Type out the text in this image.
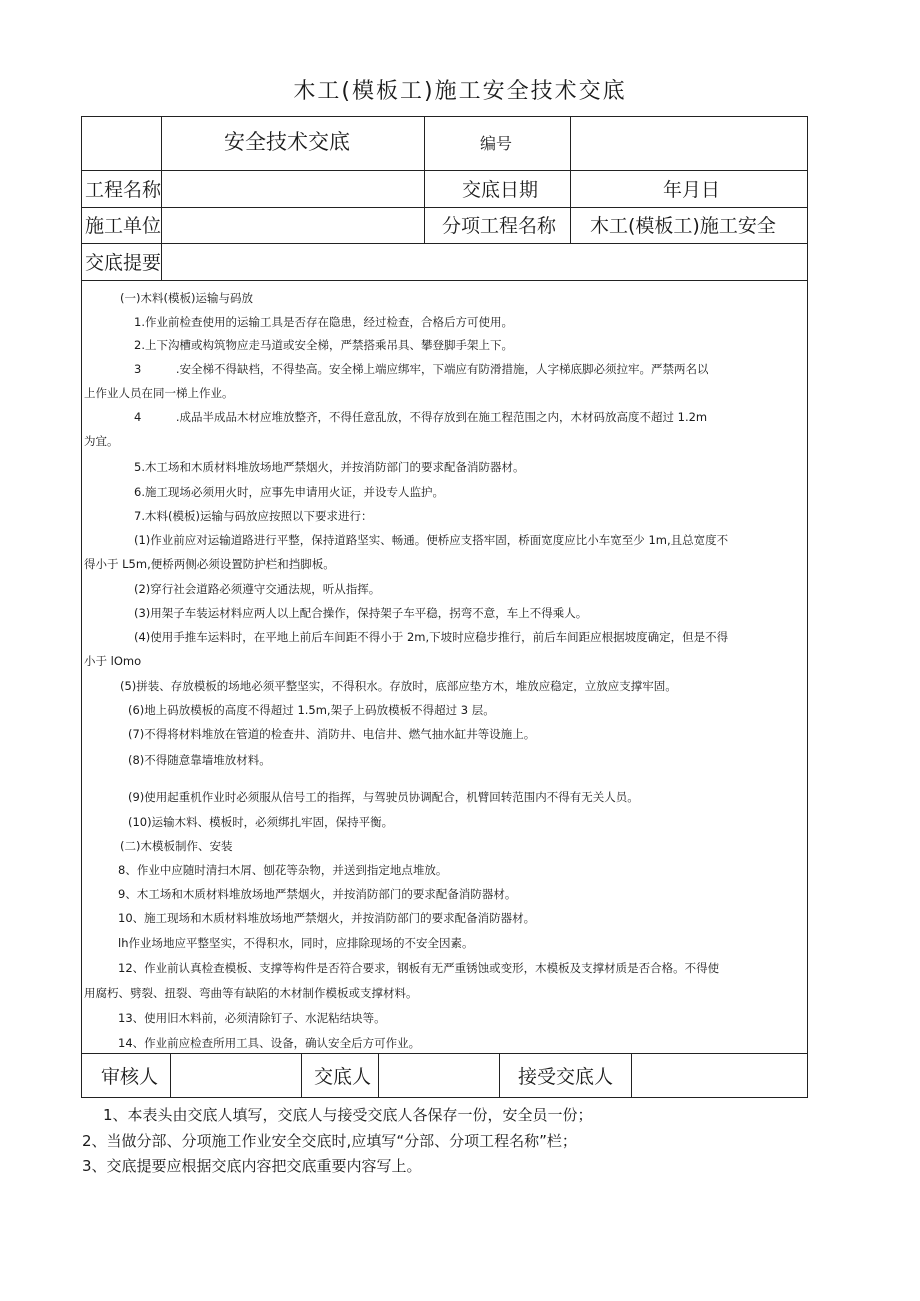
木工(模板工)施工安全技术交底
安全技术交底	编号
工程名称	交底日期	年月日
施工单位	分项工程名称 木工(模板工)施工安全
交底提要
(一)木料(模板)运输与码放
1.作业前检查使用的运输工具是否存在隐患，经过检查，合格后方可使用。
2.上下沟槽或构筑物应走马道或安全梯，严禁搭乘吊具、攀登脚手架上下。
3　　　.安全梯不得缺档，不得垫高。安全梯上端应绑牢，下端应有防滑措施，人字梯底脚必须拉牢。严禁两名以
上作业人员在同一梯上作业。
4　　　.成品半成品木材应堆放整齐，不得任意乱放，不得存放到在施工程范围之内，木材码放高度不超过 1.2m
为宜。
5.木工场和木质材料堆放场地严禁烟火，并按消防部门的要求配备消防器材。
6.施工现场必须用火时，应事先申请用火证，并设专人监护。
7.木料(模板)运输与码放应按照以下要求进行：
(1)作业前应对运输道路进行平整，保持道路坚实、畅通。便桥应支搭牢固，桥面宽度应比小车宽至少 1m,且总宽度不
得小于 L5m,便桥两侧必须设置防护栏和挡脚板。
(2)穿行社会道路必须遵守交通法规，听从指挥。
(3)用架子车装运材料应两人以上配合操作，保持架子车平稳，拐弯不意，车上不得乘人。
(4)使用手推车运料时，在平地上前后车间距不得小于 2m,下坡时应稳步推行，前后车间距应根据坡度确定，但是不得
小于 lOmo
(5)拼装、存放模板的场地必须平整坚实，不得积水。存放时，底部应垫方木，堆放应稳定，立放应支撑牢固。
(6)地上码放模板的高度不得超过 1.5m,架子上码放模板不得超过 3 层。
(7)不得将材料堆放在管道的检查井、消防井、电信井、燃气抽水缸井等设施上。
(8)不得随意靠墙堆放材料。
(9)使用起重机作业时必须服从信号工的指挥，与驾驶员协调配合，机臂回转范围内不得有无关人员。
(10)运输木料、模板时，必须绑扎牢固，保持平衡。
(二)木模板制作、安装
8、作业中应随时清扫木屑、刨花等杂物，并送到指定地点堆放。
9、木工场和木质材料堆放场地严禁烟火，并按消防部门的要求配备消防器材。
10、施工现场和木质材料堆放场地严禁烟火，并按消防部门的要求配备消防器材。
lh作业场地应平整坚实，不得积水，同时，应排除现场的不安全因素。
12、作业前认真检查模板、支撑等构件是否符合要求，钢板有无严重锈蚀或变形，木模板及支撑材质是否合格。不得使
用腐朽、劈裂、扭裂、弯曲等有缺陷的木材制作模板或支撑材料。
13、使用旧木料前，必须清除钉子、水泥粘结块等。
14、作业前应检查所用工具、设备，确认安全后方可作业。
审核人	交底人	接受交底人
1、本表头由交底人填写，交底人与接受交底人各保存一份，安全员一份；
2、当做分部、分项施工作业安全交底时,应填写“分部、分项工程名称”栏；
3、交底提要应根据交底内容把交底重要内容写上。
